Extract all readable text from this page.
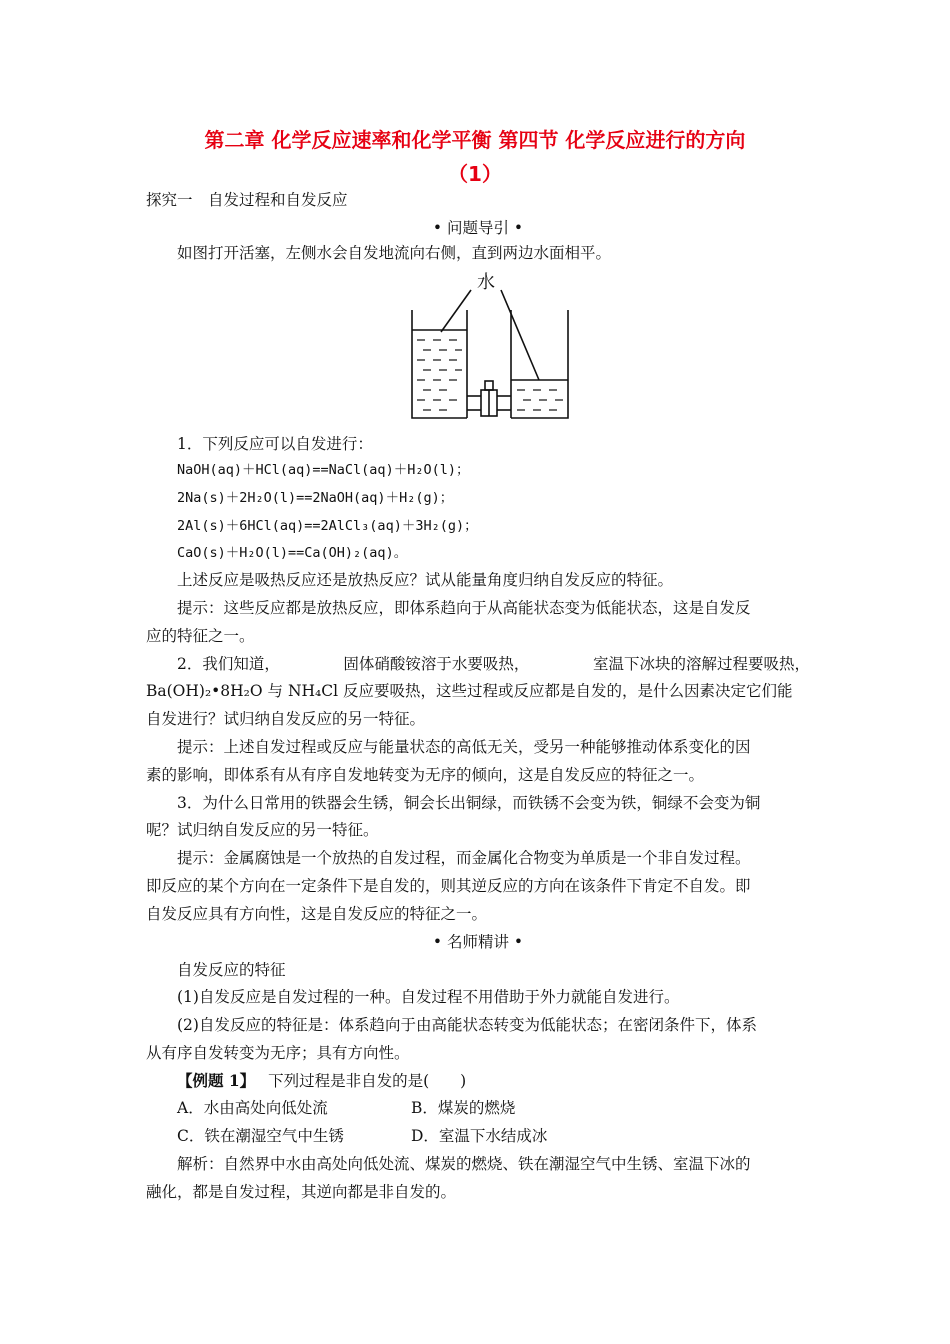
第二章 化学反应速率和化学平衡 第四节 化学反应进行的方向
（1）
探究一　自发过程和自发反应
• 问题导引 •
如图打开活塞，左侧水会自发地流向右侧，直到两边水面相平。
水
1．下列反应可以自发进行：
NaOH(aq)＋HCl(aq)==NaCl(aq)＋H₂O(l)；
2Na(s)＋2H₂O(l)==2NaOH(aq)＋H₂(g)；
2Al(s)＋6HCl(aq)==2AlCl₃(aq)＋3H₂(g)；
CaO(s)＋H₂O(l)==Ca(OH)₂(aq)。
上述反应是吸热反应还是放热反应？试从能量角度归纳自发反应的特征。
提示：这些反应都是放热反应，即体系趋向于从高能状态变为低能状态，这是自发反
应的特征之一。
2．我们知道，	固体硝酸铵溶于水要吸热，	室温下冰块的溶解过程要吸热，
Ba(OH)₂•8H₂O 与 NH₄Cl 反应要吸热，这些过程或反应都是自发的，是什么因素决定它们能
自发进行？试归纳自发反应的另一特征。
提示：上述自发过程或反应与能量状态的高低无关，受另一种能够推动体系变化的因
素的影响，即体系有从有序自发地转变为无序的倾向，这是自发反应的特征之一。
3．为什么日常用的铁器会生锈，铜会长出铜绿，而铁锈不会变为铁，铜绿不会变为铜
呢？试归纳自发反应的另一特征。
提示：金属腐蚀是一个放热的自发过程，而金属化合物变为单质是一个非自发过程。
即反应的某个方向在一定条件下是自发的，则其逆反应的方向在该条件下肯定不自发。即
自发反应具有方向性，这是自发反应的特征之一。
• 名师精讲 •
自发反应的特征
(1)自发反应是自发过程的一种。自发过程不用借助于外力就能自发进行。
(2)自发反应的特征是：体系趋向于由高能状态转变为低能状态；在密闭条件下，体系
从有序自发转变为无序；具有方向性。
【例题 1】 下列过程是非自发的是(　　)
A．水由高处向低处流	B．煤炭的燃烧
C．铁在潮湿空气中生锈	D．室温下水结成冰
解析：自然界中水由高处向低处流、煤炭的燃烧、铁在潮湿空气中生锈、室温下冰的
融化，都是自发过程，其逆向都是非自发的。
